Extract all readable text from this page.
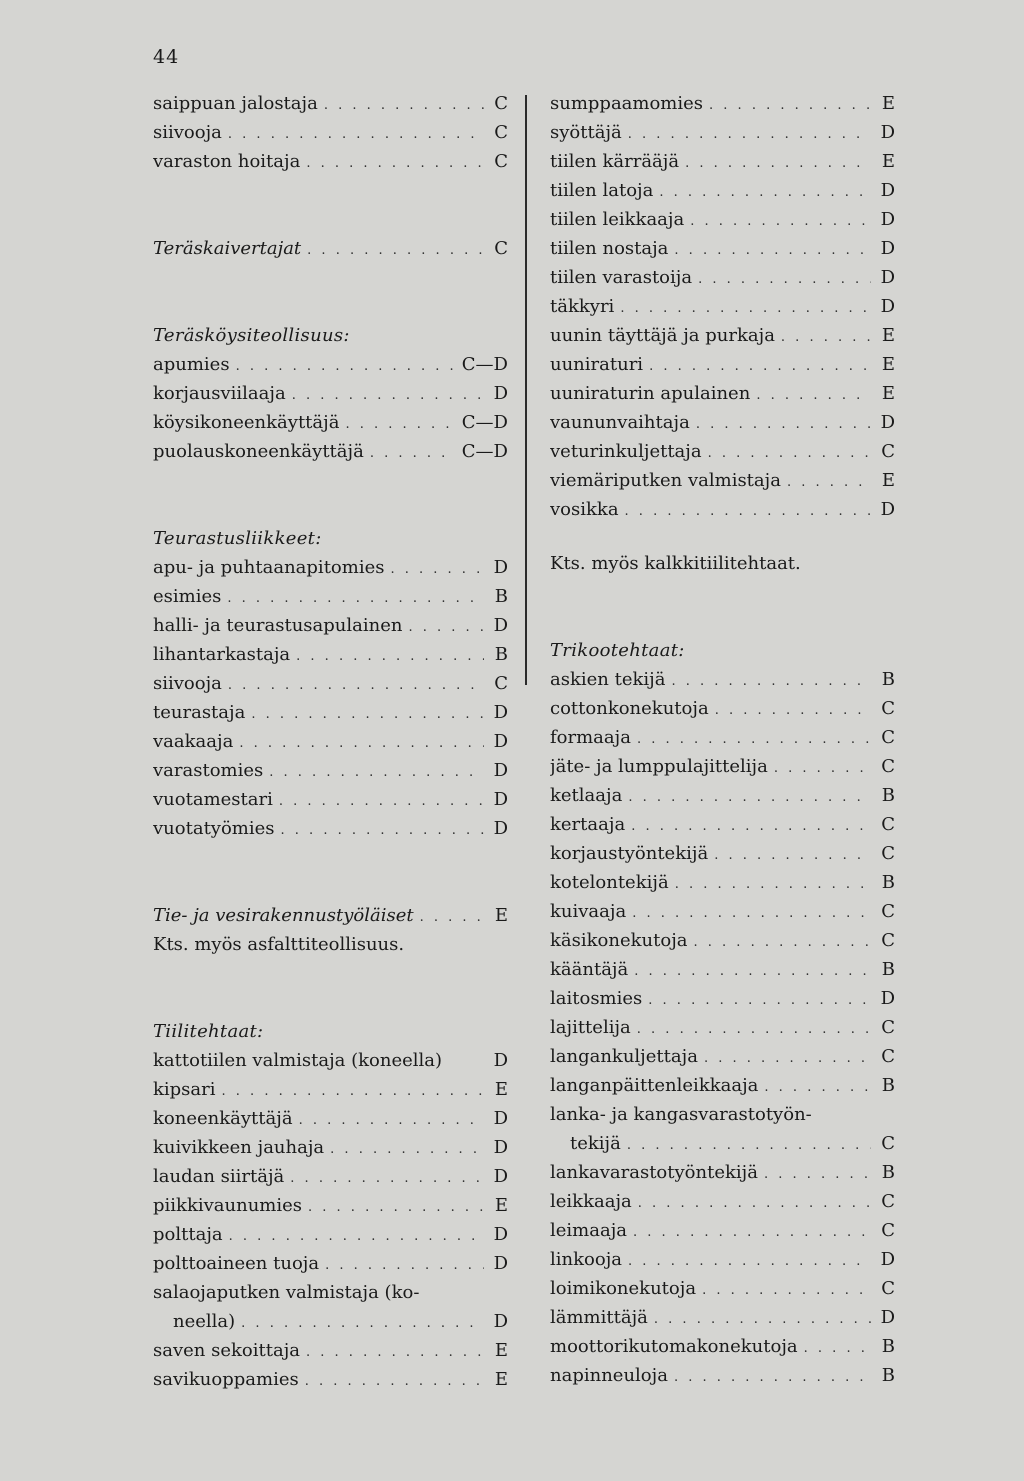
44
saippuan jalostaja . . .	C
siivooja . . .	C
varaston hoitaja . . .	C
Teräskaivertajat . . .	C
Teräsköysiteollisuus:
apumies . . .	C—D
korjausviilaaja . . .	D
köysikoneenkäyttäjä . . .	C—D
puolauskoneenkäyttäjä . . .	C—D
Teurastusliikkeet:
apu- ja puhtaanapitomies . . .	D
esimies . . .	B
halli- ja teurastusapulainen . . .	D
lihantarkastaja . . .	B
siivooja . . .	C
teurastaja . . .	D
vaakaaja . . .	D
varastomies . . .	D
vuotamestari . . .	D
vuotatyömies . . .	D
Tie- ja vesirakennustyöläiset . . .	E
Kts. myös asfalttiteollisuus.
Tiilitehtaat:
kattotiilen valmistaja (koneella)	D
kipsari . . .	E
koneenkäyttäjä . . .	D
kuivikkeen jauhaja . . .	D
laudan siirtäjä . . .	D
piikkivaunumies . . .	E
polttaja . . .	D
polttoaineen tuoja . . .	D
salaojaputken valmistaja (ko-
neella) . . .	D
saven sekoittaja . . .	E
savikuoppamies . . .	E
sumppaamomies . . .	E
syöttäjä . . .	D
tiilen kärrääjä . . .	E
tiilen latoja . . .	D
tiilen leikkaaja . . .	D
tiilen nostaja . . .	D
tiilen varastoija . . .	D
täkkyri . . .	D
uunin täyttäjä ja purkaja . . .	E
uuniraturi . . .	E
uuniraturin apulainen . . .	E
vaununvaihtaja . . .	D
veturinkuljettaja . . .	C
viemäriputken valmistaja . . .	E
vosikka . . .	D
Kts. myös kalkkitiilitehtaat.
Trikootehtaat:
askien tekijä . . .	B
cottonkonekutoja . . .	C
formaaja . . .	C
jäte- ja lumppulajittelija . . .	C
ketlaaja . . .	B
kertaaja . . .	C
korjaustyöntekijä . . .	C
kotelontekijä . . .	B
kuivaaja . . .	C
käsikonekutoja . . .	C
kääntäjä . . .	B
laitosmies . . .	D
lajittelija . . .	C
langankuljettaja . . .	C
langanpäittenleikkaaja . . .	B
lanka- ja kangasvarastotyön-
tekijä . . .	C
lankavarastotyöntekijä . . .	B
leikkaaja . . .	C
leimaaja . . .	C
linkooja . . .	D
loimikonekutoja . . .	C
lämmittäjä . . .	D
moottorikutomakonekutoja . . .	B
napinneuloja . . .	B
